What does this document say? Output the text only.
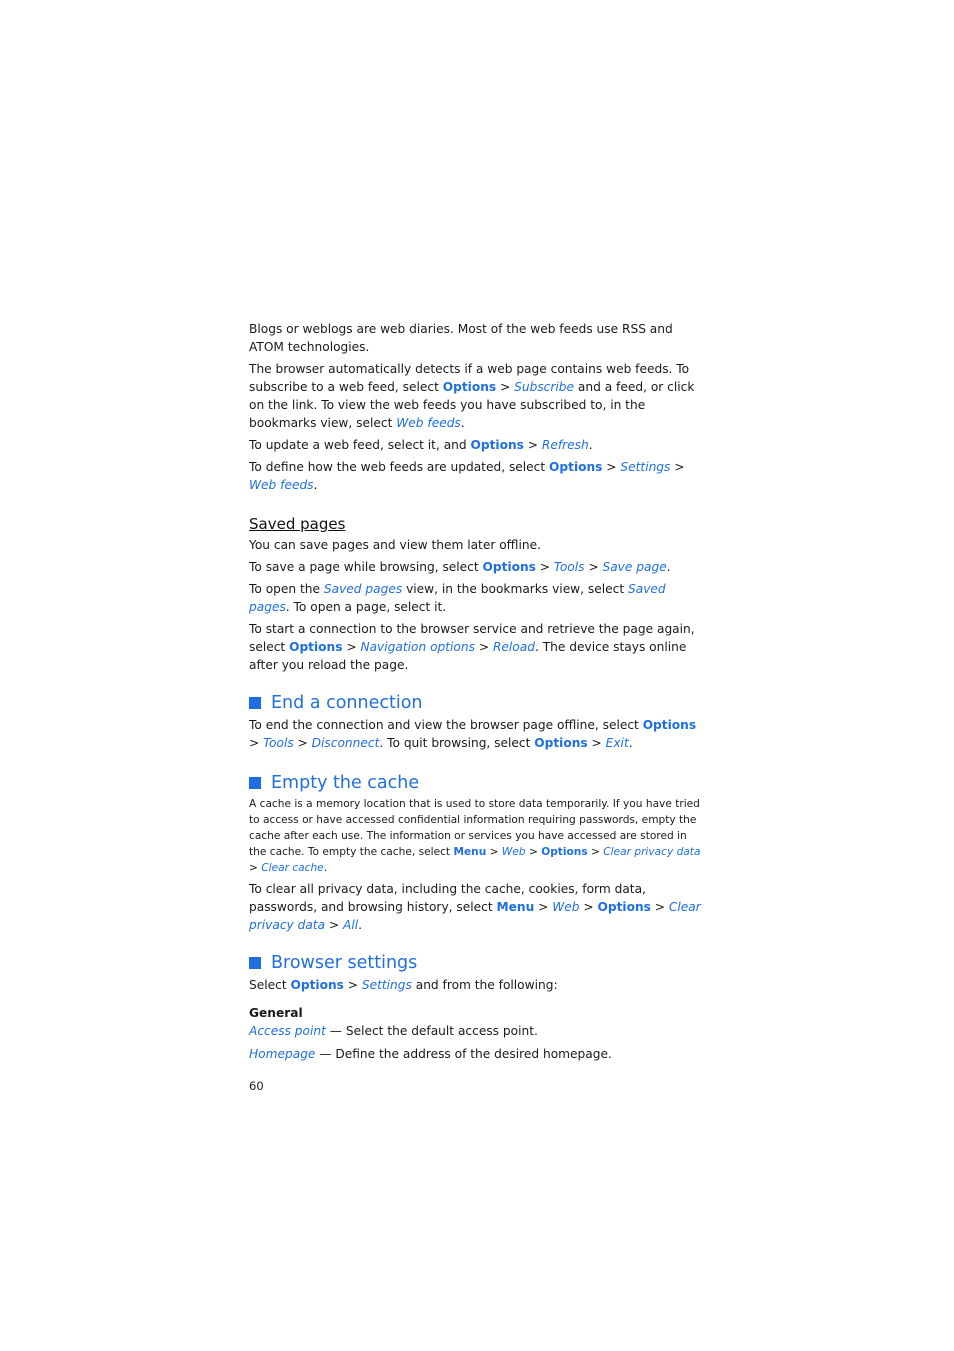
Blogs or weblogs are web diaries. Most of the web feeds use RSS and ATOM technologies.

The browser automatically detects if a web page contains web feeds. To subscribe to a web feed, select Options > Subscribe and a feed, or click on the link. To view the web feeds you have subscribed to, in the bookmarks view, select Web feeds.

To update a web feed, select it, and Options > Refresh.

To define how the web feeds are updated, select Options > Settings > Web feeds.

Saved pages

You can save pages and view them later offline.

To save a page while browsing, select Options > Tools > Save page.

To open the Saved pages view, in the bookmarks view, select Saved pages. To open a page, select it.

To start a connection to the browser service and retrieve the page again, select Options > Navigation options > Reload. The device stays online after you reload the page.

End a connection

To end the connection and view the browser page offline, select Options > Tools > Disconnect. To quit browsing, select Options > Exit.

Empty the cache

A cache is a memory location that is used to store data temporarily. If you have tried to access or have accessed confidential information requiring passwords, empty the cache after each use. The information or services you have accessed are stored in the cache. To empty the cache, select Menu > Web > Options > Clear privacy data > Clear cache.

To clear all privacy data, including the cache, cookies, form data, passwords, and browsing history, select Menu > Web > Options > Clear privacy data > All.

Browser settings

Select Options > Settings and from the following:

General

Access point — Select the default access point.

Homepage — Define the address of the desired homepage.

60
